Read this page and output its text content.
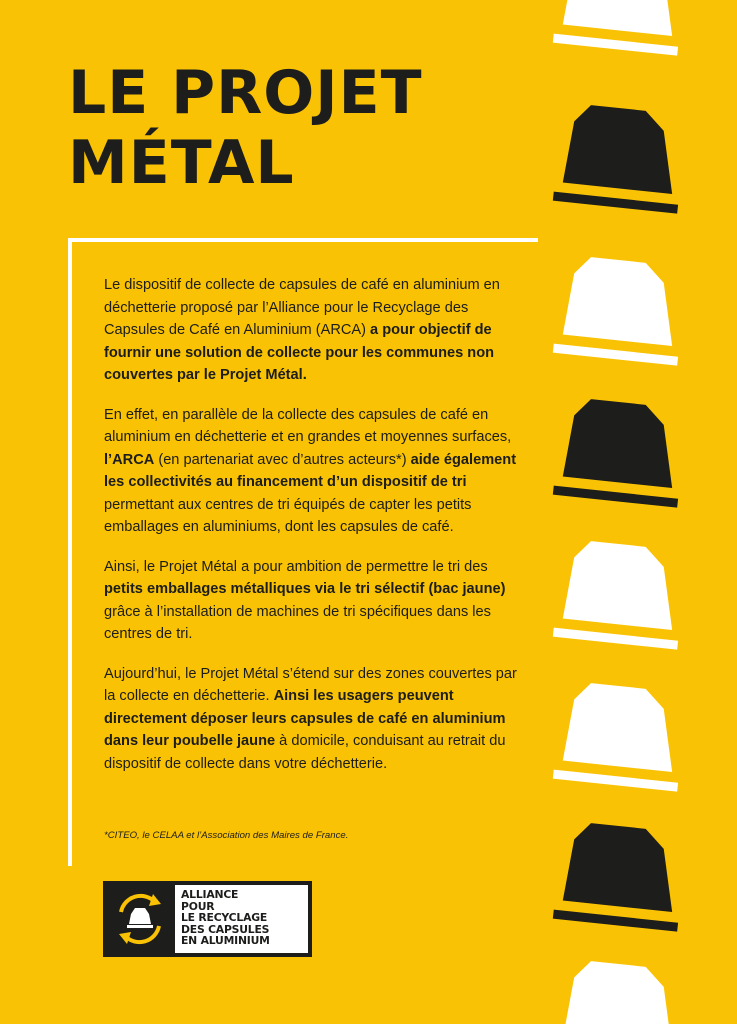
LE PROJET
MÉTAL

Le dispositif de collecte de capsules de café en aluminium en déchetterie proposé par l’Alliance pour le Recyclage des Capsules de Café en Aluminium (ARCA) a pour objectif de fournir une solution de collecte pour les communes non couvertes par le Projet Métal.

En effet, en parallèle de la collecte des capsules de café en aluminium en déchetterie et en grandes et moyennes surfaces, l’ARCA (en partenariat avec d’autres acteurs*) aide également les collectivités au financement d’un dispositif de tri permettant aux centres de tri équipés de capter les petits emballages en aluminiums, dont les capsules de café.

Ainsi, le Projet Métal a pour ambition de permettre le tri des petits emballages métalliques via le tri sélectif (bac jaune) grâce à l’installation de machines de tri spécifiques dans les centres de tri.

Aujourd’hui, le Projet Métal s’étend sur des zones couvertes par la collecte en déchetterie. Ainsi les usagers peuvent directement déposer leurs capsules de café en aluminium dans leur poubelle jaune à domicile, conduisant au retrait du dispositif de collecte dans votre déchetterie.

*CITEO, le CELAA et l’Association des Maires de France.
ALLIANCE
POUR
LE RECYCLAGE
DES CAPSULES
EN ALUMINIUM
